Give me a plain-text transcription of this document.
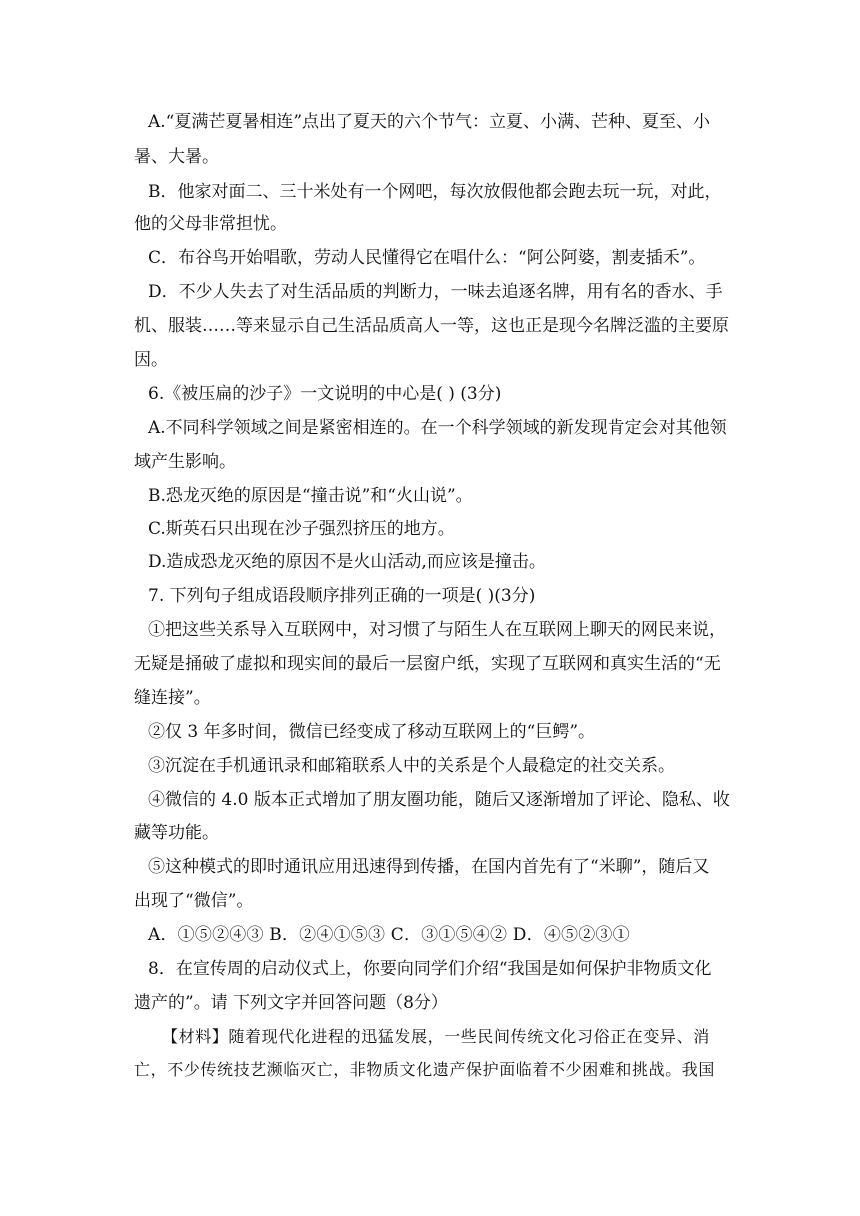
A.“夏满芒夏暑相连”点出了夏天的六个节气：立夏、小满、芒种、夏至、小
暑、大暑。
B．他家对面二、三十米处有一个网吧，每次放假他都会跑去玩一玩，对此，
他的父母非常担忧。
C．布谷鸟开始唱歌，劳动人民懂得它在唱什么：“阿公阿婆，割麦插禾”。
D．不少人失去了对生活品质的判断力，一味去追逐名牌，用有名的香水、手
机、服装……等来显示自己生活品质高人一等，这也正是现今名牌泛滥的主要原
因。
6.《被压扁的沙子》一文说明的中心是( ) (3分)
A.不同科学领域之间是紧密相连的。在一个科学领域的新发现肯定会对其他领
域产生影响。
B.恐龙灭绝的原因是“撞击说”和“火山说”。
C.斯英石只出现在沙子强烈挤压的地方。
D.造成恐龙灭绝的原因不是火山活动,而应该是撞击。
7. 下列句子组成语段顺序排列正确的一项是( )(3分)
①把这些关系导入互联网中，对习惯了与陌生人在互联网上聊天的网民来说，
无疑是捅破了虚拟和现实间的最后一层窗户纸，实现了互联网和真实生活的“无
缝连接”。
②仅 3 年多时间，微信已经变成了移动互联网上的“巨鳄”。
③沉淀在手机通讯录和邮箱联系人中的关系是个人最稳定的社交关系。
④微信的 4.0 版本正式增加了朋友圈功能，随后又逐渐增加了评论、隐私、收
藏等功能。
⑤这种模式的即时通讯应用迅速得到传播，在国内首先有了“米聊”，随后又
出现了“微信”。
A．①⑤②④③ B．②④①⑤③ C．③①⑤④② D．④⑤②③①
8．在宣传周的启动仪式上，你要向同学们介绍“我国是如何保护非物质文化
遗产的”。请 下列文字并回答问题（8分）
【材料】随着现代化进程的迅猛发展，一些民间传统文化习俗正在变异、消
亡，不少传统技艺濒临灭亡，非物质文化遗产保护面临着不少困难和挑战。我国
